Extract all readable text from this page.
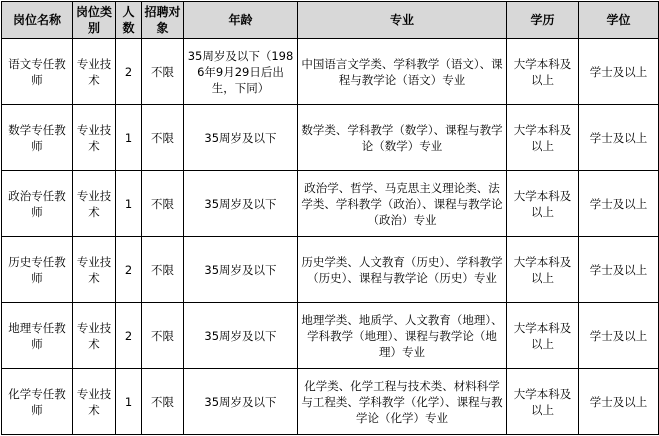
岗位名称	岗位类别	人数	招聘对象	年龄	专业	学历	学位
语文专任教师	专业技术	2	不限	35周岁及以下（1986年9月29日后出生，下同）	中国语言文学类、学科教学（语文）、课程与教学论（语文）专业	大学本科及以上	学士及以上
数学专任教师	专业技术	1	不限	35周岁及以下	数学类、学科教学（数学）、课程与教学论（数学）专业	大学本科及以上	学士及以上
政治专任教师	专业技术	1	不限	35周岁及以下	政治学、哲学、马克思主义理论类、法学类、学科教学（政治）、课程与教学论（政治）专业	大学本科及以上	学士及以上
历史专任教师	专业技术	2	不限	35周岁及以下	历史学类、人文教育（历史）、学科教学（历史）、课程与教学论（历史）专业	大学本科及以上	学士及以上
地理专任教师	专业技术	2	不限	35周岁及以下	地理学类、地质学、人文教育（地理）、学科教学（地理）、课程与教学论（地理）专业	大学本科及以上	学士及以上
化学专任教师	专业技术	1	不限	35周岁及以下	化学类、化学工程与技术类、材料科学与工程类、学科教学（化学）、课程与教学论（化学）专业	大学本科及以上	学士及以上
